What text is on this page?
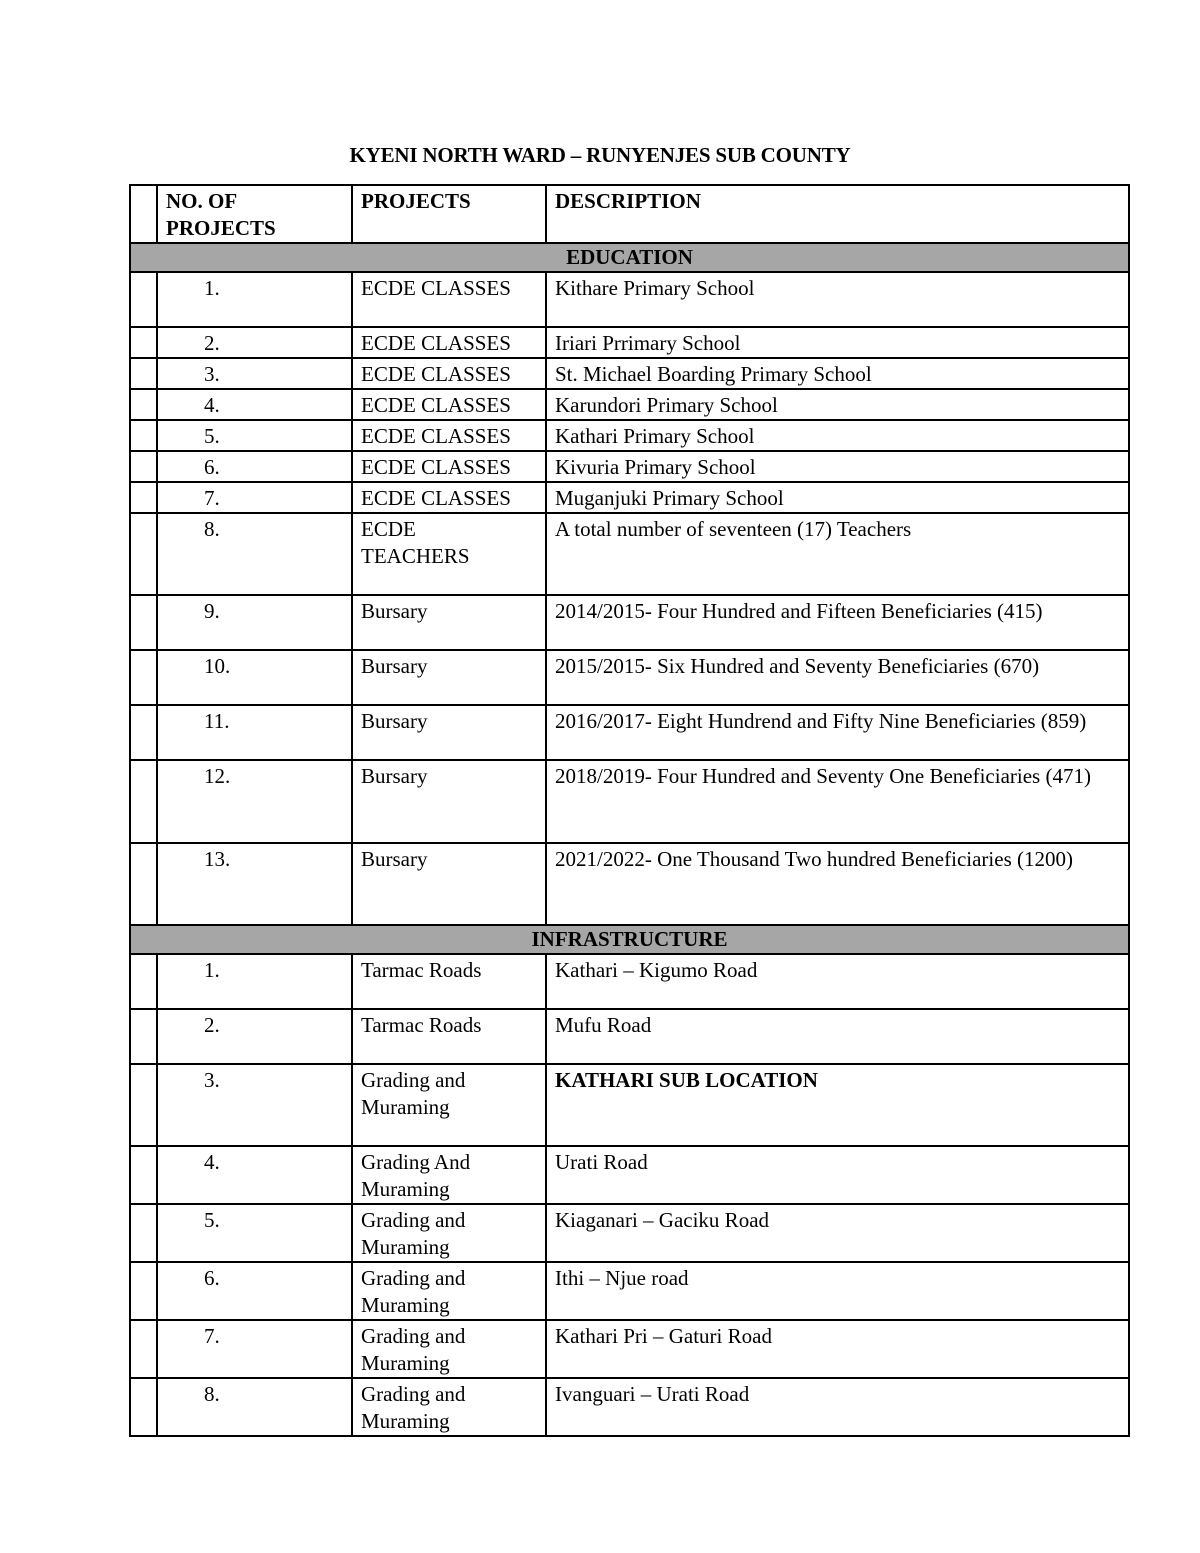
KYENI NORTH WARD – RUNYENJES SUB COUNTY
	NO. OF PROJECTS	PROJECTS	DESCRIPTION
EDUCATION			
	1.	ECDE CLASSES	Kithare Primary School
	2.	ECDE CLASSES	Iriari Prrimary School
	3.	ECDE CLASSES	St. Michael Boarding Primary School
	4.	ECDE CLASSES	Karundori Primary School
	5.	ECDE CLASSES	Kathari Primary School
	6.	ECDE CLASSES	Kivuria Primary School
	7.	ECDE CLASSES	Muganjuki Primary School
	8.	ECDE TEACHERS	A total number of seventeen (17) Teachers
	9.	Bursary	2014/2015- Four Hundred and Fifteen Beneficiaries (415)
	10.	Bursary	2015/2015- Six Hundred and Seventy Beneficiaries (670)
	11.	Bursary	2016/2017- Eight Hundrend and Fifty Nine Beneficiaries (859)
	12.	Bursary	2018/2019- Four Hundred and Seventy One Beneficiaries (471)
	13.	Bursary	2021/2022- One Thousand Two hundred Beneficiaries (1200)
INFRASTRUCTURE			
	1.	Tarmac Roads	Kathari – Kigumo Road
	2.	Tarmac Roads	Mufu Road
	3.	Grading and Muraming	KATHARI SUB LOCATION
	4.	Grading And Muraming	Urati Road
	5.	Grading and Muraming	Kiaganari – Gaciku Road
	6.	Grading and Muraming	Ithi – Njue road
	7.	Grading and Muraming	Kathari Pri – Gaturi Road
	8.	Grading and Muraming	Ivanguari – Urati Road
